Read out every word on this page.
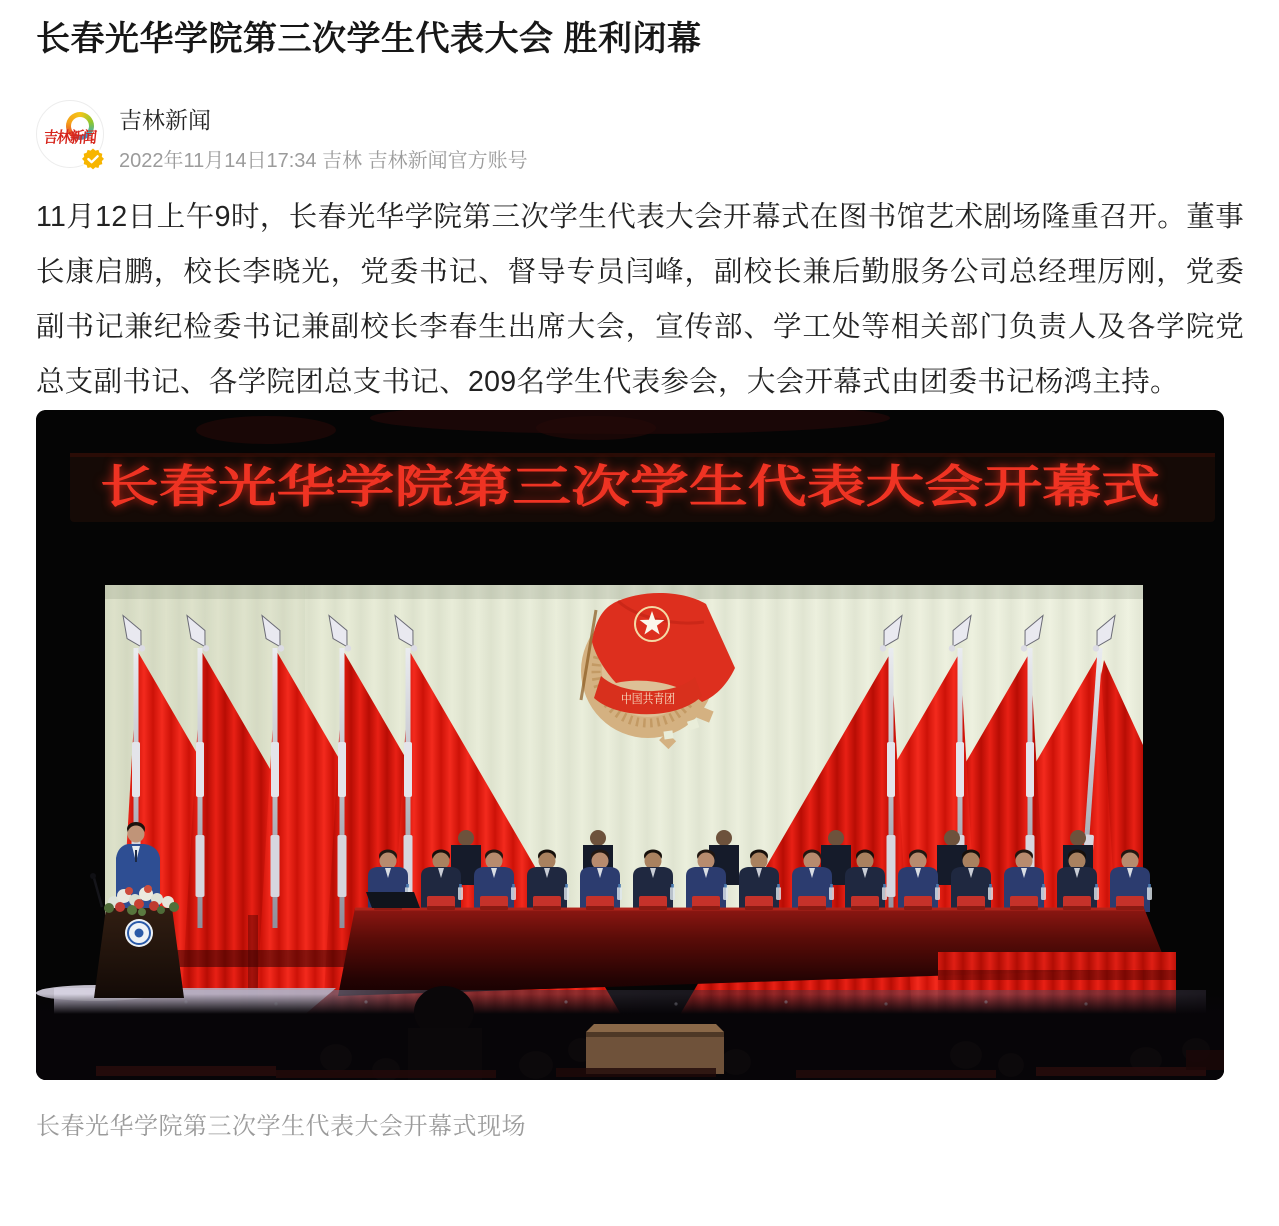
长春光华学院第三次学生代表大会 胜利闭幕
吉林新闻
吉林新闻
2022年11月14日17:34 吉林 吉林新闻官方账号

11月12日上午9时，长春光华学院第三次学生代表大会开幕式在图书馆艺术剧场隆重召开。董事长康启鹏，校长李晓光，党委书记、督导专员闫峰，副校长兼后勤服务公司总经理厉刚，党委副书记兼纪检委书记兼副校长李春生出席大会，宣传部、学工处等相关部门负责人及各学院党总支副书记、各学院团总支书记、209名学生代表参会，大会开幕式由团委书记杨鸿主持。

长春光华学院第三次学生代表大会开幕式
中国共青团
长春光华学院第三次学生代表大会开幕式现场
